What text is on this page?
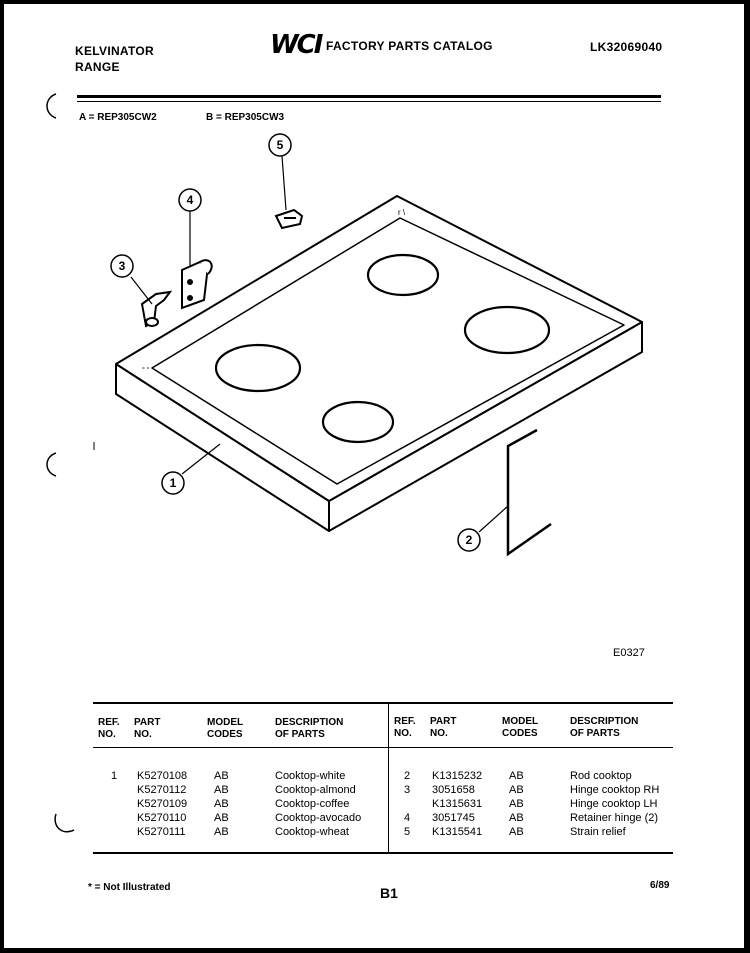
KELVINATOR
RANGE
WCI FACTORY PARTS CATALOG	LK32069040
A = REP305CW2	B = REP305CW3
r \
° °
1
2
3
4
5
E0327
REF.
NO.
PART
NO.
MODEL
CODES
DESCRIPTION
OF PARTS
REF.
NO.
PART
NO.
MODEL
CODES
DESCRIPTION
OF PARTS
1 K5270108 AB	Cooktop-white
K5270112	AB	Cooktop-almond
K5270109 AB	Cooktop-coffee
K5270110	AB	Cooktop-avocado
K5270111	AB	Cooktop-wheat
2 K1315232 AB	Rod cooktop
3 3051658	AB	Hinge cooktop RH
K1315631 AB	Hinge cooktop LH
4 3051745	AB	Retainer hinge (2)
5 K1315541 AB	Strain relief
* = Not Illustrated	B1	6/89
